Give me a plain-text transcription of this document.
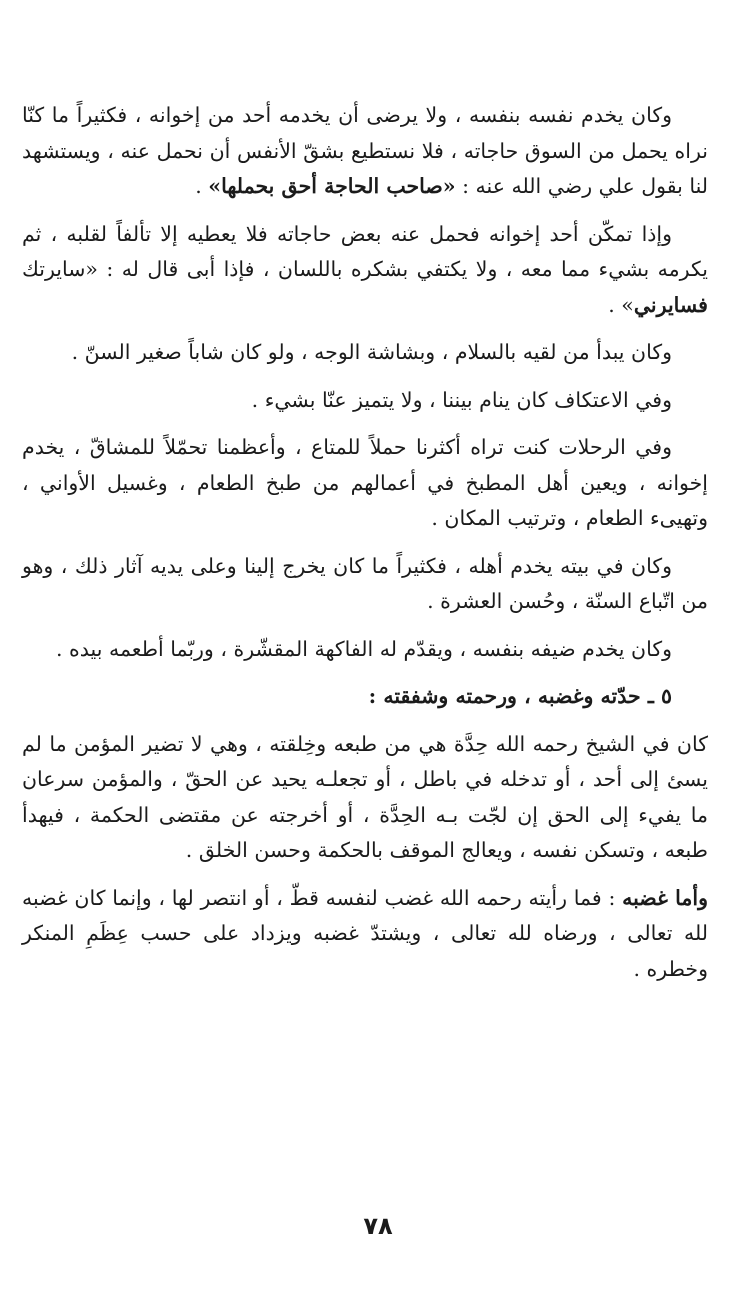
وكان يخدم نفسه بنفسه ، ولا يرضى أن يخدمه أحد من إخوانه ، فكثيراً ما كنّا نراه يحمل من السوق حاجاته ، فلا نستطيع بشقّ الأنفس أن نحمل عنه ، ويستشهد لنا بقول علي رضي الله عنه : «صاحب الحاجة أحق بحملها» .

وإذا تمكّن أحد إخوانه فحمل عنه بعض حاجاته فلا يعطيه إلا تألفاً لقلبه ، ثم يكرمه بشيء مما معه ، ولا يكتفي بشكره باللسان ، فإذا أبى قال له : «سايرتك فسايرني» .

وكان يبدأ من لقيه بالسلام ، وبشاشة الوجه ، ولو كان شاباً صغير السنّ .

وفي الاعتكاف كان ينام بيننا ، ولا يتميز عنّا بشيء .

وفي الرحلات كنت تراه أكثرنا حملاً للمتاع ، وأعظمنا تحمّلاً للمشاقّ ، يخدم إخوانه ، ويعين أهل المطبخ في أعمالهم من طبخ الطعام ، وغسيل الأواني ، وتهيىء الطعام ، وترتيب المكان .

وكان في بيته يخدم أهله ، فكثيراً ما كان يخرج إلينا وعلى يديه آثار ذلك ، وهو من اتّباع السنّة ، وحُسن العشرة .

وكان يخدم ضيفه بنفسه ، ويقدّم له الفاكهة المقشّرة ، وربّما أطعمه بيده .

٥ ـ حدّته وغضبه ، ورحمته وشفقته :

كان في الشيخ رحمه الله حِدَّة هي من طبعه وخِلقته ، وهي لا تضير المؤمن ما لم يسئ إلى أحد ، أو تدخله في باطل ، أو تجعلـه يحيد عن الحقّ ، والمؤمن سرعان ما يفيء إلى الحق إن لجّت بـه الحِدَّة ، أو أخرجته عن مقتضى الحكمة ، فيهدأ طبعه ، وتسكن نفسه ، ويعالج الموقف بالحكمة وحسن الخلق .

وأما غضبه : فما رأيته رحمه الله غضب لنفسه قطّ ، أو انتصر لها ، وإنما كان غضبه لله تعالى ، ورضاه لله تعالى ، ويشتدّ غضبه ويزداد على حسب عِظَمِ المنكر وخطره .

٧٨
